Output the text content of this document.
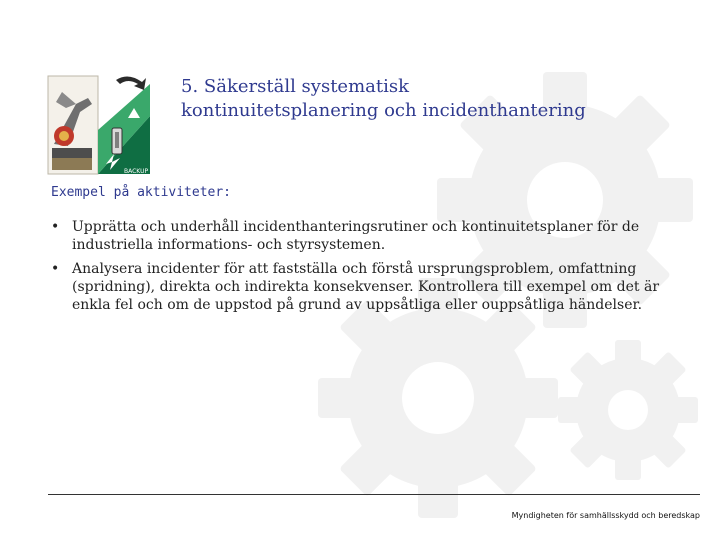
BACKUP
5. Säkerställ systematisk kontinuitetsplanering och incidenthantering
Exempel på aktiviteter:
• Upprätta och underhåll incidenthanteringsrutiner och kontinuitetsplaner för de industriella informations- och styrsystemen.
• Analysera incidenter för att fastställa och förstå ursprungsproblem, omfattning (spridning), direkta och indirekta konsekvenser. Kontrollera till exempel om det är enkla fel och om de uppstod på grund av uppsåtliga eller ouppsåtliga händelser.
Myndigheten för samhällsskydd och beredskap
